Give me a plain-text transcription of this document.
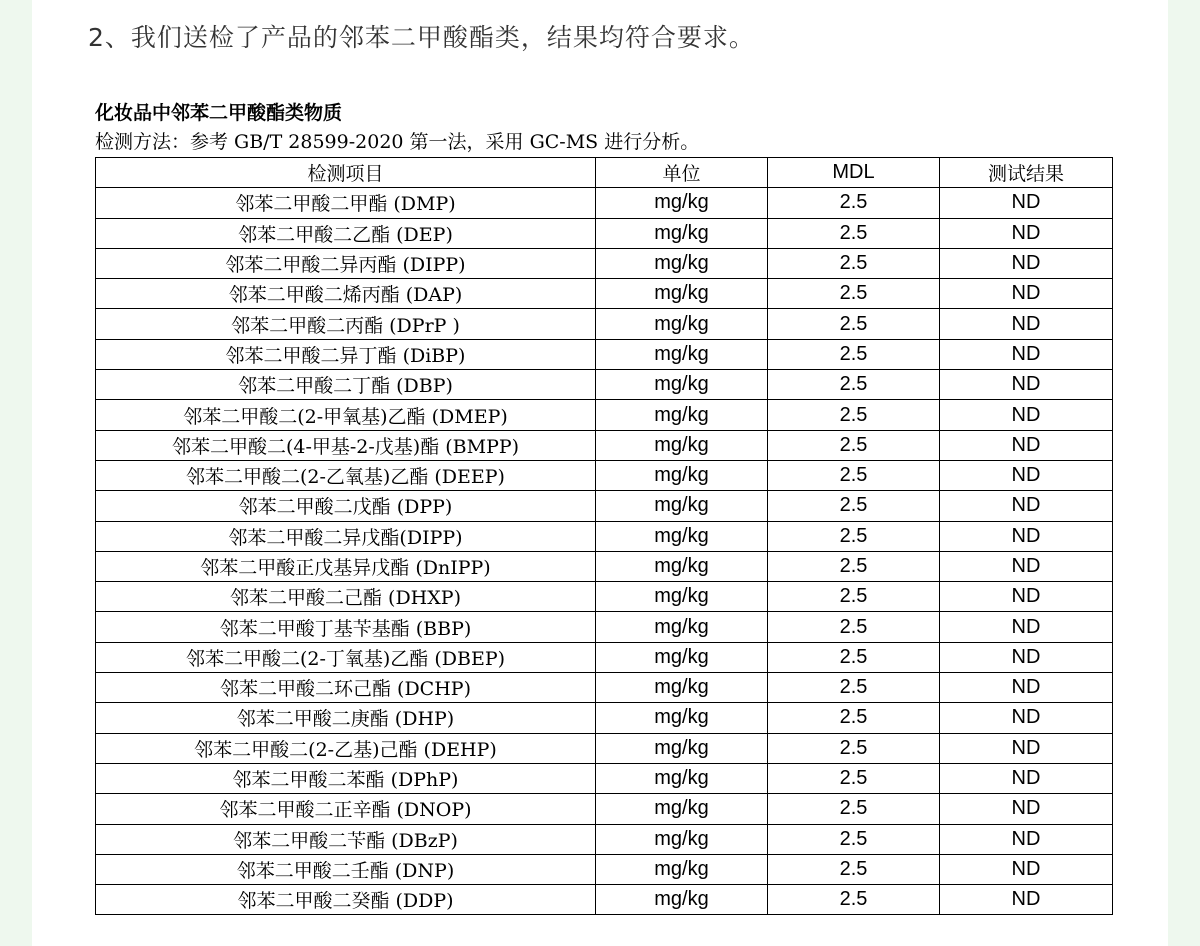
2、我们送检了产品的邻苯二甲酸酯类，结果均符合要求。
化妆品中邻苯二甲酸酯类物质
检测方法：参考 GB/T 28599-2020 第一法，采用 GC-MS 进行分析。
检测项目	单位	MDL	测试结果
邻苯二甲酸二甲酯 (DMP)	mg/kg	2.5	ND
邻苯二甲酸二乙酯 (DEP)	mg/kg	2.5	ND
邻苯二甲酸二异丙酯 (DIPP)	mg/kg	2.5	ND
邻苯二甲酸二烯丙酯 (DAP)	mg/kg	2.5	ND
邻苯二甲酸二丙酯 (DPrP )	mg/kg	2.5	ND
邻苯二甲酸二异丁酯 (DiBP)	mg/kg	2.5	ND
邻苯二甲酸二丁酯 (DBP)	mg/kg	2.5	ND
邻苯二甲酸二(2-甲氧基)乙酯 (DMEP)	mg/kg	2.5	ND
邻苯二甲酸二(4-甲基-2-戊基)酯 (BMPP)	mg/kg	2.5	ND
邻苯二甲酸二(2-乙氧基)乙酯 (DEEP)	mg/kg	2.5	ND
邻苯二甲酸二戊酯 (DPP)	mg/kg	2.5	ND
邻苯二甲酸二异戊酯(DIPP)	mg/kg	2.5	ND
邻苯二甲酸正戊基异戊酯 (DnIPP)	mg/kg	2.5	ND
邻苯二甲酸二己酯 (DHXP)	mg/kg	2.5	ND
邻苯二甲酸丁基苄基酯 (BBP)	mg/kg	2.5	ND
邻苯二甲酸二(2-丁氧基)乙酯 (DBEP)	mg/kg	2.5	ND
邻苯二甲酸二环己酯 (DCHP)	mg/kg	2.5	ND
邻苯二甲酸二庚酯 (DHP)	mg/kg	2.5	ND
邻苯二甲酸二(2-乙基)己酯 (DEHP)	mg/kg	2.5	ND
邻苯二甲酸二苯酯 (DPhP)	mg/kg	2.5	ND
邻苯二甲酸二正辛酯 (DNOP)	mg/kg	2.5	ND
邻苯二甲酸二苄酯 (DBzP)	mg/kg	2.5	ND
邻苯二甲酸二壬酯 (DNP)	mg/kg	2.5	ND
邻苯二甲酸二癸酯 (DDP)	mg/kg	2.5	ND
